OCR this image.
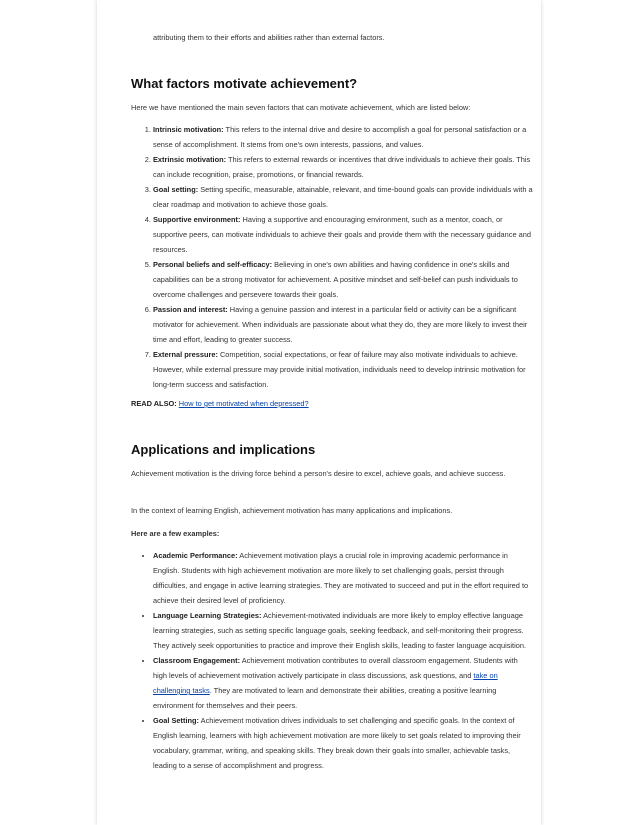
attributing them to their efforts and abilities rather than external factors.

What factors motivate achievement?

Here we have mentioned the main seven factors that can motivate achievement, which are listed below:

1. Intrinsic motivation: This refers to the internal drive and desire to accomplish a goal for personal satisfaction or a sense of accomplishment. It stems from one's own interests, passions, and values.
2. Extrinsic motivation: This refers to external rewards or incentives that drive individuals to achieve their goals. This can include recognition, praise, promotions, or financial rewards.
3. Goal setting: Setting specific, measurable, attainable, relevant, and time-bound goals can provide individuals with a clear roadmap and motivation to achieve those goals.
4. Supportive environment: Having a supportive and encouraging environment, such as a mentor, coach, or supportive peers, can motivate individuals to achieve their goals and provide them with the necessary guidance and resources.
5. Personal beliefs and self-efficacy: Believing in one's own abilities and having confidence in one's skills and capabilities can be a strong motivator for achievement. A positive mindset and self-belief can push individuals to overcome challenges and persevere towards their goals.
6. Passion and interest: Having a genuine passion and interest in a particular field or activity can be a significant motivator for achievement. When individuals are passionate about what they do, they are more likely to invest their time and effort, leading to greater success.
7. External pressure: Competition, social expectations, or fear of failure may also motivate individuals to achieve. However, while external pressure may provide initial motivation, individuals need to develop intrinsic motivation for long-term success and satisfaction.

READ ALSO: How to get motivated when depressed?

Applications and implications

Achievement motivation is the driving force behind a person's desire to excel, achieve goals, and achieve success.

In the context of learning English, achievement motivation has many applications and implications.

Here are a few examples:

• Academic Performance: Achievement motivation plays a crucial role in improving academic performance in English. Students with high achievement motivation are more likely to set challenging goals, persist through difficulties, and engage in active learning strategies. They are motivated to succeed and put in the effort required to achieve their desired level of proficiency.
• Language Learning Strategies: Achievement-motivated individuals are more likely to employ effective language learning strategies, such as setting specific language goals, seeking feedback, and self-monitoring their progress. They actively seek opportunities to practice and improve their English skills, leading to faster language acquisition.
• Classroom Engagement: Achievement motivation contributes to overall classroom engagement. Students with high levels of achievement motivation actively participate in class discussions, ask questions, and take on challenging tasks. They are motivated to learn and demonstrate their abilities, creating a positive learning environment for themselves and their peers.
• Goal Setting: Achievement motivation drives individuals to set challenging and specific goals. In the context of English learning, learners with high achievement motivation are more likely to set goals related to improving their vocabulary, grammar, writing, and speaking skills. They break down their goals into smaller, achievable tasks, leading to a sense of accomplishment and progress.
